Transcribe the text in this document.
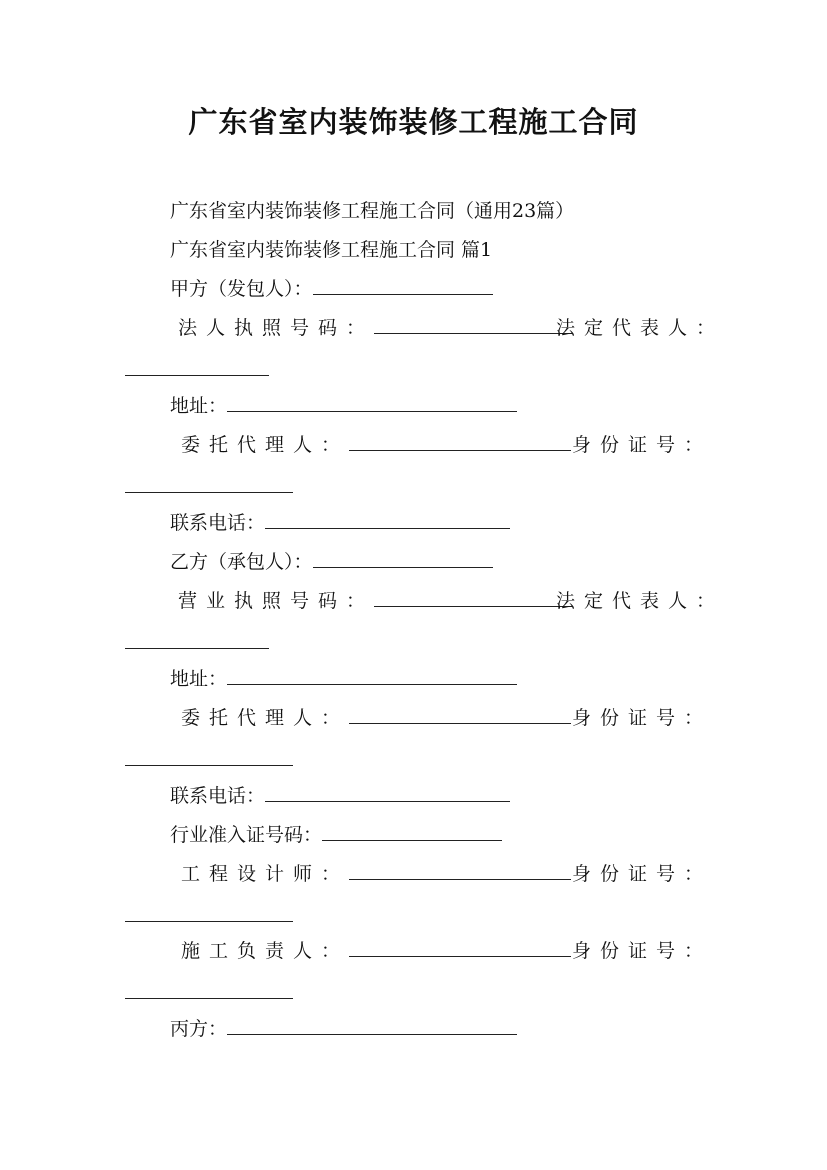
广东省室内装饰装修工程施工合同
广东省室内装饰装修工程施工合同（通用23篇）
广东省室内装饰装修工程施工合同 篇1
甲方（发包人）：
法人执照号码：	法定代表人：
地址：
委托代理人：	身份证号：
联系电话：
乙方（承包人）：
营业执照号码：	法定代表人：
地址：
委托代理人：	身份证号：
联系电话：
行业准入证号码：
工程设计师：	身份证号：
施工负责人：	身份证号：
丙方：
